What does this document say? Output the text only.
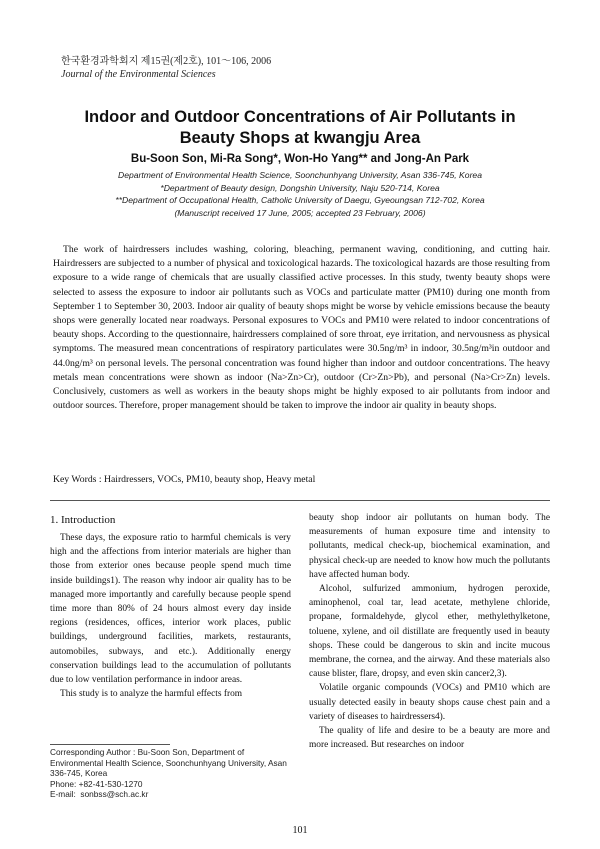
한국환경과학회지 제15권(제2호), 101～106, 2006
Journal of the Environmental Sciences
Indoor and Outdoor Concentrations of Air Pollutants in
Beauty Shops at kwangju Area
Bu-Soon Son, Mi-Ra Song*, Won-Ho Yang** and Jong-An Park
Department of Environmental Health Science, Soonchunhyang University, Asan 336-745, Korea
*Department of Beauty design, Dongshin University, Naju 520-714, Korea
**Department of Occupational Health, Catholic University of Daegu, Gyeoungsan 712-702, Korea
(Manuscript received 17 June, 2005; accepted 23 February, 2006)

The work of hairdressers includes washing, coloring, bleaching, permanent waving, conditioning, and cutting hair. Hairdressers are subjected to a number of physical and toxicological hazards. The toxicological hazards are those resulting from exposure to a wide range of chemicals that are usually classified active processes. In this study, twenty beauty shops were selected to assess the exposure to indoor air pollutants such as VOCs and particulate matter (PM10) during one month from September 1 to September 30, 2003. Indoor air quality of beauty shops might be worse by vehicle emissions because the beauty shops were generally located near roadways. Personal exposures to VOCs and PM10 were related to indoor concentrations of beauty shops. According to the questionnaire, hairdressers complained of sore throat, eye irritation, and nervousness as physical symptoms. The measured mean concentrations of respiratory particulates were 30.5ng/m³ in indoor, 30.5ng/m³in outdoor and 44.0ng/m³ on personal levels. The personal concentration was found higher than indoor and outdoor concentrations. The heavy metals mean concentrations were shown as indoor (Na>Zn>Cr), outdoor (Cr>Zn>Pb), and personal (Na>Cr>Zn) levels. Conclusively, customers as well as workers in the beauty shops might be highly exposed to air pollutants from indoor and outdoor sources. Therefore, proper management should be taken to improve the indoor air quality in beauty shops.

Key Words : Hairdressers, VOCs, PM10, beauty shop, Heavy metal
1. Introduction

These days, the exposure ratio to harmful chemicals is very high and the affections from interior materials are higher than those from exterior ones because people spend much time inside buildings1). The reason why indoor air quality has to be managed more importantly and carefully because people spend time more than 80% of 24 hours almost every day inside regions (residences, offices, interior work places, public buildings, underground facilities, markets, restaurants, automobiles, subways, and etc.). Additionally energy conservation buildings lead to the accumulation of pollutants due to low ventilation performance in indoor areas.

This study is to analyze the harmful effects from

beauty shop indoor air pollutants on human body. The measurements of human exposure time and intensity to pollutants, medical check-up, biochemical examination, and physical check-up are needed to know how much the pollutants have affected human body.

Alcohol, sulfurized ammonium, hydrogen peroxide, aminophenol, coal tar, lead acetate, methylene chloride, propane, formaldehyde, glycol ether, methylethylketone, toluene, xylene, and oil distillate are frequently used in beauty shops. These could be dangerous to skin and incite mucous membrane, the cornea, and the airway. And these materials also cause blister, flare, dropsy, and even skin cancer2,3).

Volatile organic compounds (VOCs) and PM10 which are usually detected easily in beauty shops cause chest pain and a variety of diseases to hairdressers4).

The quality of life and desire to be a beauty are more and more increased. But researches on indoor

Corresponding Author : Bu-Soon Son, Department of Environmental Health Science, Soonchunhyang University, Asan 336-745, Korea
Phone: +82-41-530-1270
E-mail:  sonbss@sch.ac.kr
101
